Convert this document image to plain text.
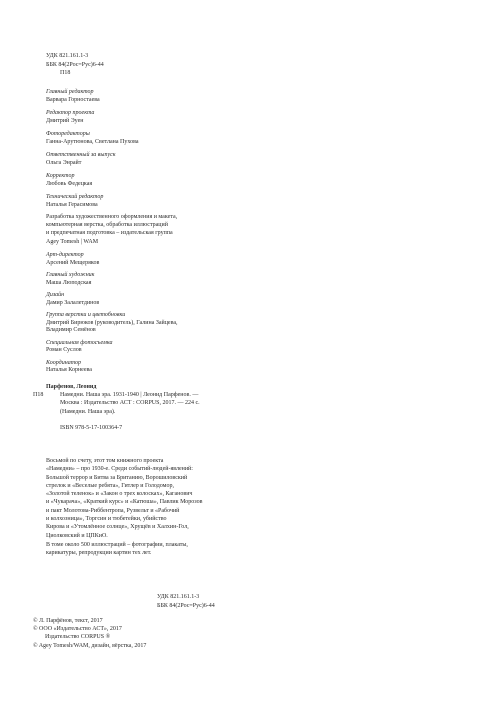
УДК 821.161.1-3
ББК 84(2Рос=Рус)6-44
П18
Главный редактор
Варвара Горностаева
Редактор проекта
Дмитрий Эуен
Фоторедакторы
Ганна-Арутюнова, Светлана Пухова
Ответственный за выпуск
Ольга Энрайт
Корректор
Любовь Федецкая
Технический редактор
Наталья Герасимова
Разработка художественного оформления и макета,
компьютерная верстка, обработка иллюстраций
и предпечатная подготовка – издательская группа
Agey Tomesh | WAM
Арт-директор
Арсений Мещеряков
Главный художник
Маша Люподская
Дизайн
Дамир Залалетдинов
Группа верстки и цветобновки
Дмитрий Бирюков (руководитель), Галина Зайцева,
Владимир Семёнов
Специальная фотосъемка
Роман Суслов
Координатор
Наталья Корнеева
Парфенов, Леонид
П18	Намедни. Наша эра. 1931-1940 | Леонид Парфенов. —
Москва : Издательство АСТ : CORPUS, 2017. — 224 с.
(Намедни. Наша эра).
ISBN 978-5-17-100364-7

Восьмой по счету, этот том книжного проекта
«Намедни» – про 1930-е. Среди событий-людей-явлений:
Большой террор и Битва за Британию, Ворошиловский
стрелок и «Веселые ребята», Гитлер и Голодомор,
«Золотой теленок» и «Закон о трех колосках», Каганович
и «Чукарача», «Краткий курс» и «Катюша», Павлик Морозов
и пакт Молотова-Риббентропа, Рузвельт и «Рабочий
и колхозница», Торгсин и тюбетейки, убийство
Кирова и «Утомлённое солнце», Хрущёв и Халхин-Гол,
Циолковский и ЦПКиО.

В томе около 500 иллюстраций – фотографии, плакаты,
карикатуры, репродукции картин тех лет.

УДК 821.161.1-3
ББК 84(2Рос=Рус)6-44
© Л. Парфёнов, текст, 2017
© ООО «Издательство АСТ», 2017
Издательство CORPUS ®
© Agey Tomesh/WAM, дизайн, вёрстка, 2017
